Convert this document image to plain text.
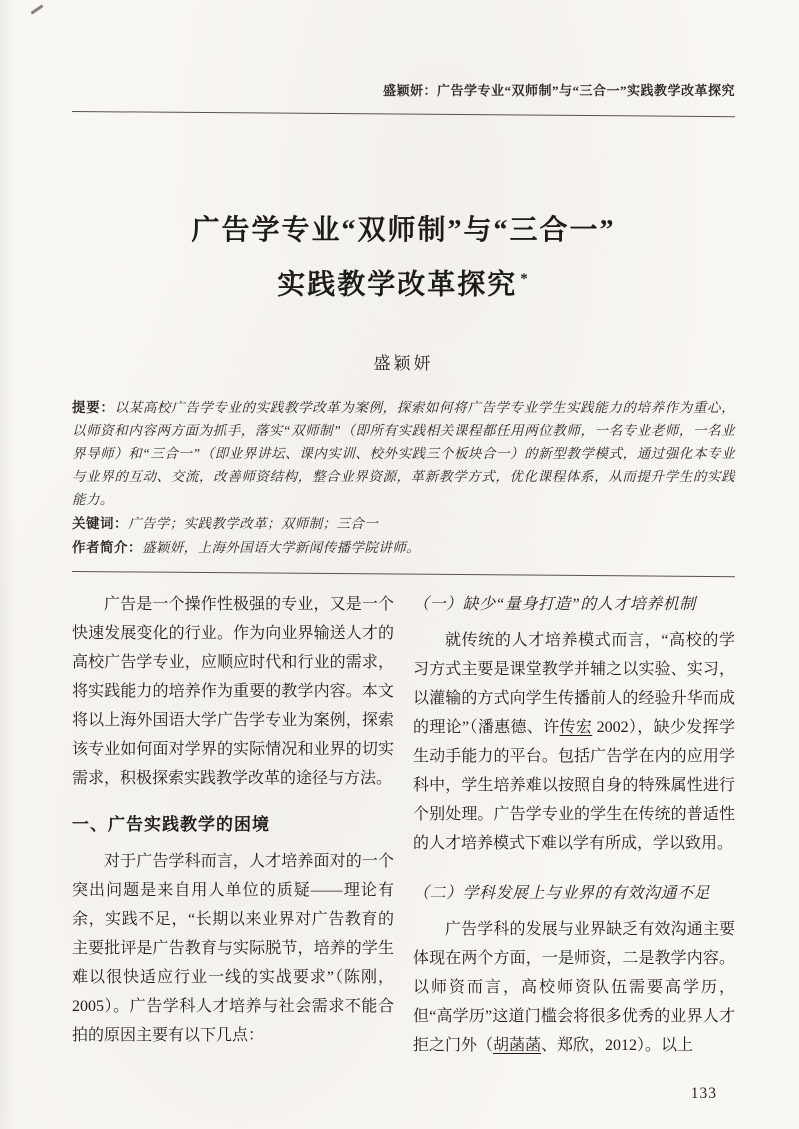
盛颖妍：广告学专业“双师制”与“三合一”实践教学改革探究
广告学专业“双师制”与“三合一”
实践教学改革探究 *
盛颖妍

提要：以某高校广告学专业的实践教学改革为案例，探索如何将广告学专业学生实践能力的培养作为重心，以师资和内容两方面为抓手，落实“双师制”（即所有实践相关课程都任用两位教师，一名专业老师，一名业界导师）和“三合一”（即业界讲坛、课内实训、校外实践三个板块合一）的新型教学模式，通过强化本专业与业界的互动、交流，改善师资结构，整合业界资源，革新教学方式，优化课程体系，从而提升学生的实践能力。

关键词：广告学；实践教学改革；双师制；三合一

作者简介：盛颖妍，上海外国语大学新闻传播学院讲师。

广告是一个操作性极强的专业，又是一个快速发展变化的行业。作为向业界输送人才的高校广告学专业，应顺应时代和行业的需求，将实践能力的培养作为重要的教学内容。本文将以上海外国语大学广告学专业为案例，探索该专业如何面对学界的实际情况和业界的切实需求，积极探索实践教学改革的途径与方法。

一、广告实践教学的困境

对于广告学科而言，人才培养面对的一个突出问题是来自用人单位的质疑——理论有余，实践不足，“长期以来业界对广告教育的主要批评是广告教育与实际脱节，培养的学生难以很快适应行业一线的实战要求”（陈刚，2005）。广告学科人才培养与社会需求不能合拍的原因主要有以下几点：

（一）缺少“量身打造”的人才培养机制

就传统的人才培养模式而言，“高校的学习方式主要是课堂教学并辅之以实验、实习，以灌输的方式向学生传播前人的经验升华而成的理论”（潘惠德、许传宏 2002），缺少发挥学生动手能力的平台。包括广告学在内的应用学科中，学生培养难以按照自身的特殊属性进行个别处理。广告学专业的学生在传统的普适性的人才培养模式下难以学有所成，学以致用。

（二）学科发展上与业界的有效沟通不足

广告学科的发展与业界缺乏有效沟通主要体现在两个方面，一是师资，二是教学内容。以师资而言，高校师资队伍需要高学历，但“高学历”这道门槛会将很多优秀的业界人才拒之门外（胡菡菡、郑欣，2012）。以上

133
